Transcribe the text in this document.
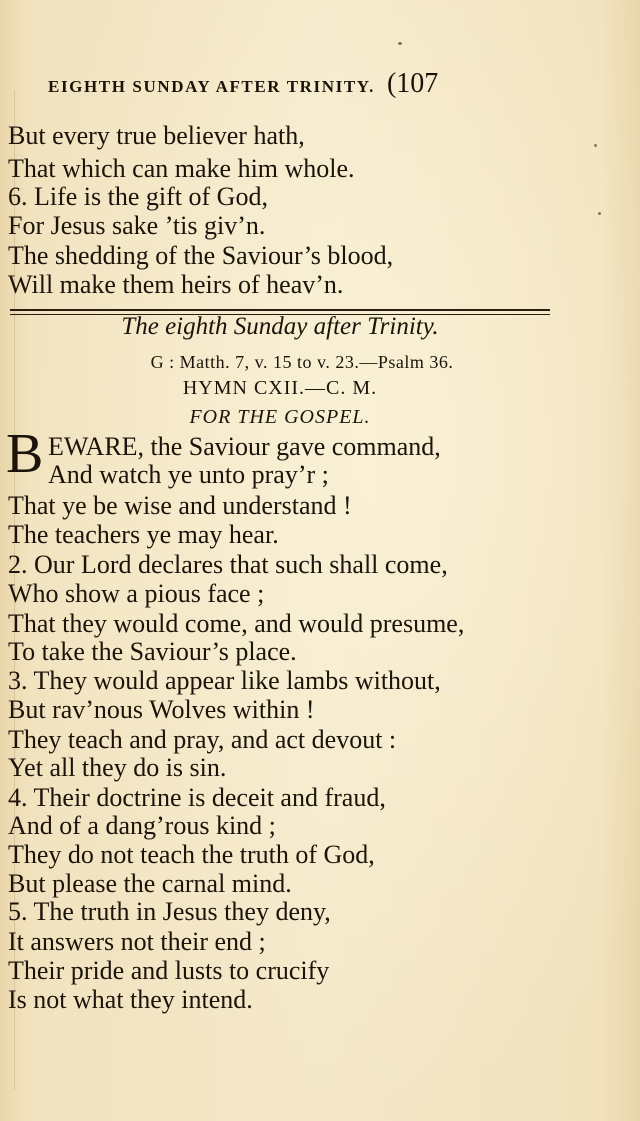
EIGHTH SUNDAY AFTER TRINITY. (107
But every true believer hath,
That which can make him whole.
6. Life is the gift of God,
For Jesus sake ’tis giv’n.
The shedding of the Saviour’s blood,
Will make them heirs of heav’n.
The eighth Sunday after Trinity.
G : Matth. 7, v. 15 to v. 23.—Psalm 36.
HYMN CXII.—C. M.
FOR THE GOSPEL.
B EWARE, the Saviour gave command,
And watch ye unto pray’r ;
That ye be wise and understand !
The teachers ye may hear.
2. Our Lord declares that such shall come,
Who show a pious face ;
That they would come, and would presume,
To take the Saviour’s place.
3. They would appear like lambs without,
But rav’nous Wolves within !
They teach and pray, and act devout :
Yet all they do is sin.
4. Their doctrine is deceit and fraud,
And of a dang’rous kind ;
They do not teach the truth of God,
But please the carnal mind.
5. The truth in Jesus they deny,
It answers not their end ;
Their pride and lusts to crucify
Is not what they intend.
